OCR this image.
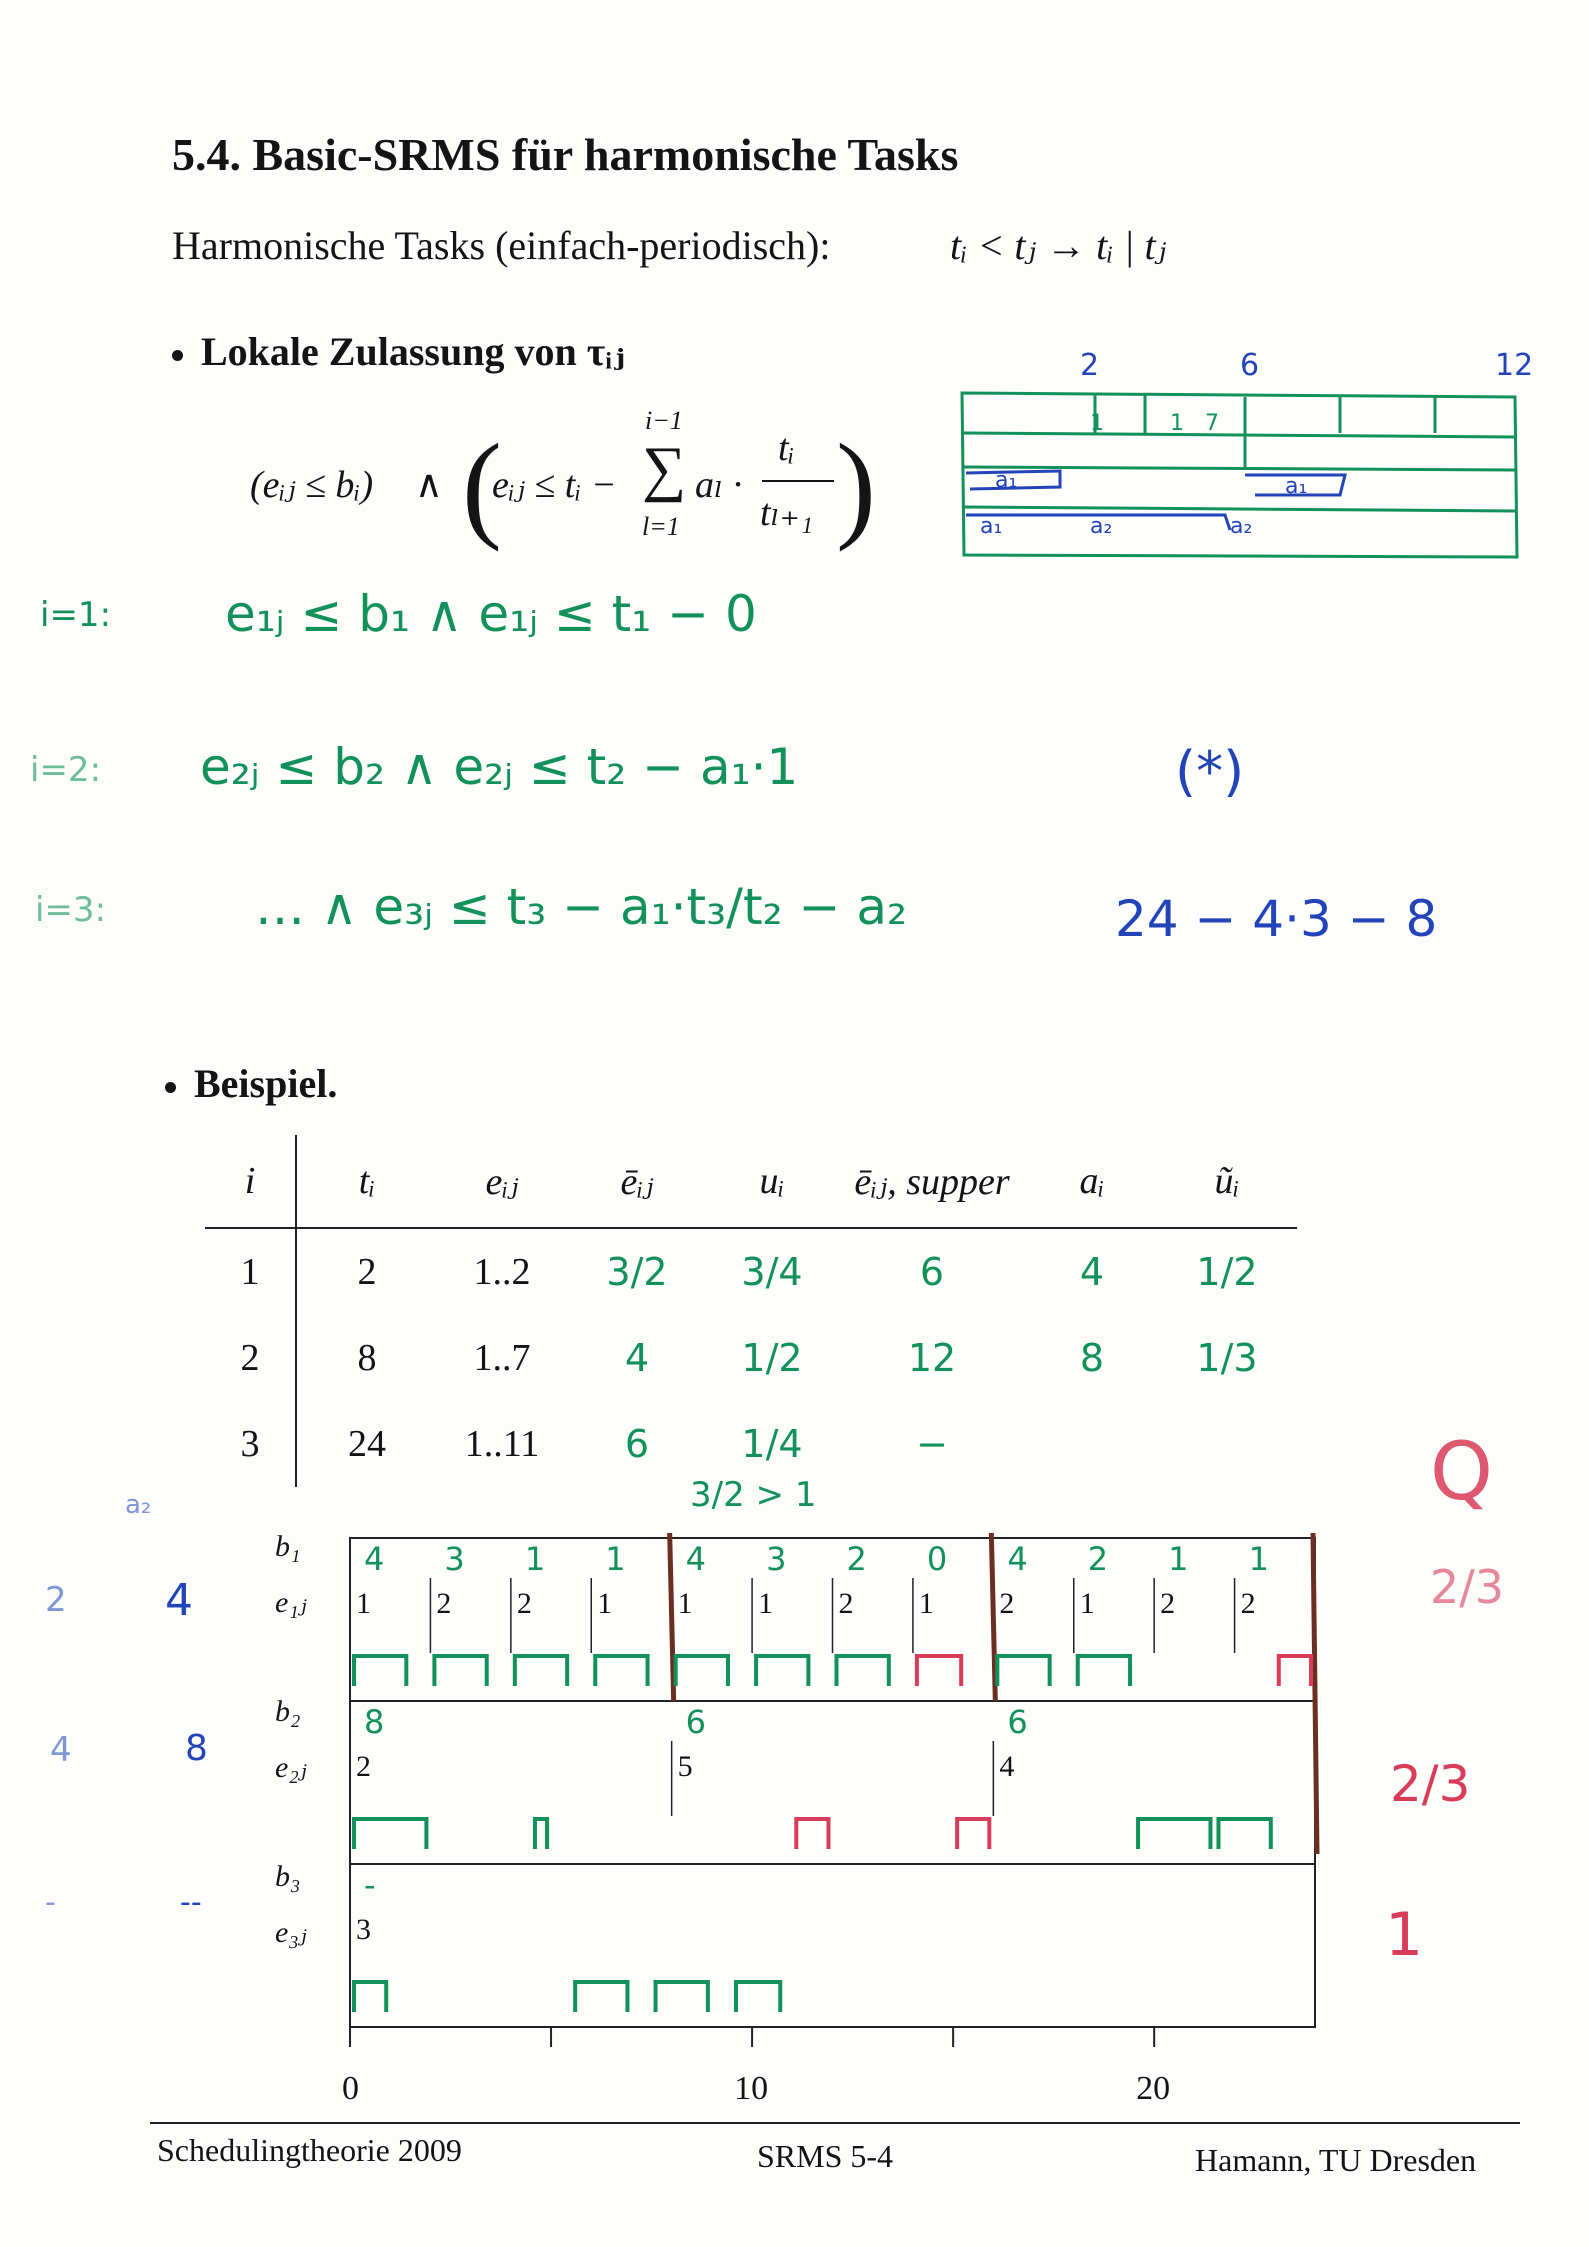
5.4. Basic-SRMS für harmonische Tasks
Harmonische Tasks (einfach-periodisch):	tᵢ < tⱼ → tᵢ | tⱼ
Lokale Zulassung von τᵢⱼ
(eᵢⱼ ≤ bᵢ) ∧ (
eᵢⱼ ≤ tᵢ −
i−1
∑
l=1
aₗ ·
tᵢ
tₗ₊₁ )
2	6	12
1	1 7
a₁	a₁
a₁	a₂	a₂
i=1: e₁ⱼ ≤ b₁ ∧ e₁ⱼ ≤ t₁ − 0
i=2: e₂ⱼ ≤ b₂ ∧ e₂ⱼ ≤ t₂ − a₁·1	(*)
i=3:	… ∧ e₃ⱼ ≤ t₃ − a₁·t₃/t₂ − a₂	24 − 4·3 − 8
Beispiel.
i	tᵢ	eᵢⱼ	ēᵢⱼ	uᵢ	ēᵢⱼ, supper	aᵢ	ũᵢ
1	2	1..2	3/2	3/4	6	4	1/2
2	8	1..7	4	1/2	12	8	1/3
3	24	1..11	6	1/4	−		
3/2 > 1
a₂
2 4
4	8
-	--
Q
2/3
2/3
1
b₁
e₁ⱼ
b₂
e₂ⱼ
b₃
e₃ⱼ
1 2 2 1 1 1 2 1 2 1 2 2
4 3 1 1 4 3 2 0 4 2 1 1
2	5	4
8	6	6
3
-
0	10	20
Schedulingtheorie 2009	SRMS 5-4	Hamann, TU Dresden
